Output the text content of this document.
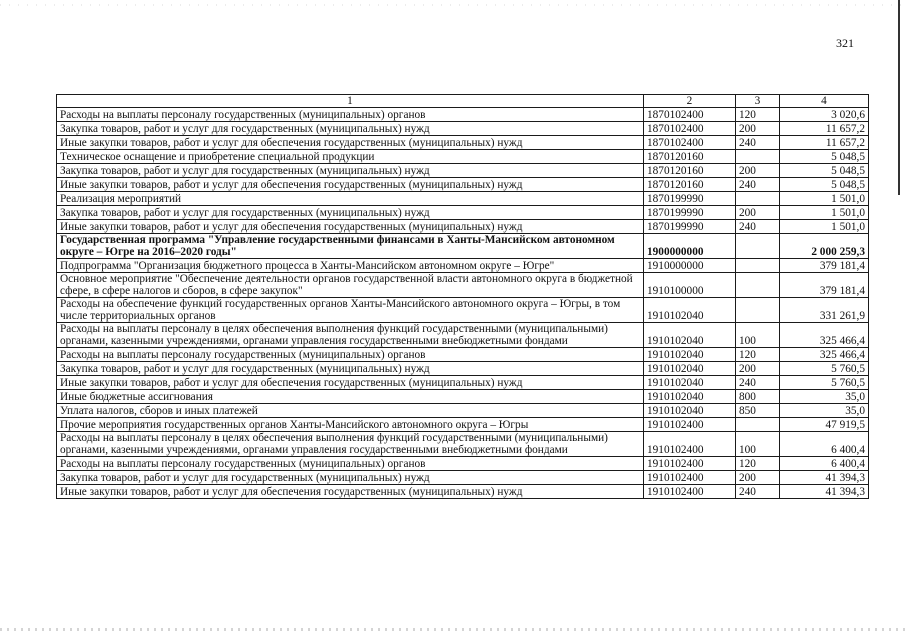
321
1	2	3	4
Расходы на выплаты персоналу государственных (муниципальных) органов	1870102400	120	3 020,6
Закупка товаров, работ и услуг для государственных (муниципальных) нужд	1870102400	200	11 657,2
Иные закупки товаров, работ и услуг для обеспечения государственных (муниципальных) нужд	1870102400	240	11 657,2
Техническое оснащение и приобретение специальной продукции	1870120160		5 048,5
Закупка товаров, работ и услуг для государственных (муниципальных) нужд	1870120160	200	5 048,5
Иные закупки товаров, работ и услуг для обеспечения государственных (муниципальных) нужд	1870120160	240	5 048,5
Реализация мероприятий	1870199990		1 501,0
Закупка товаров, работ и услуг для государственных (муниципальных) нужд	1870199990	200	1 501,0
Иные закупки товаров, работ и услуг для обеспечения государственных (муниципальных) нужд	1870199990	240	1 501,0
Государственная программа "Управление государственными финансами в Ханты-Мансийском автономном округе – Югре на 2016–2020 годы"	1900000000		2 000 259,3
Подпрограмма "Организация бюджетного процесса в Ханты-Мансийском автономном округе – Югре"	1910000000		379 181,4
Основное мероприятие "Обеспечение деятельности органов государственной власти автономного округа в бюджетной сфере, в сфере налогов и сборов, в сфере закупок"	1910100000		379 181,4
Расходы на обеспечение функций государственных органов Ханты-Мансийского автономного округа – Югры, в том числе территориальных органов	1910102040		331 261,9
Расходы на выплаты персоналу в целях обеспечения выполнения функций государственными (муниципальными) органами, казенными учреждениями, органами управления государственными внебюджетными фондами	1910102040	100	325 466,4
Расходы на выплаты персоналу государственных (муниципальных) органов	1910102040	120	325 466,4
Закупка товаров, работ и услуг для государственных (муниципальных) нужд	1910102040	200	5 760,5
Иные закупки товаров, работ и услуг для обеспечения государственных (муниципальных) нужд	1910102040	240	5 760,5
Иные бюджетные ассигнования	1910102040	800	35,0
Уплата налогов, сборов и иных платежей	1910102040	850	35,0
Прочие мероприятия государственных органов Ханты-Мансийского автономного округа – Югры	1910102400		47 919,5
Расходы на выплаты персоналу в целях обеспечения выполнения функций государственными (муниципальными) органами, казенными учреждениями, органами управления государственными внебюджетными фондами	1910102400	100	6 400,4
Расходы на выплаты персоналу государственных (муниципальных) органов	1910102400	120	6 400,4
Закупка товаров, работ и услуг для государственных (муниципальных) нужд	1910102400	200	41 394,3
Иные закупки товаров, работ и услуг для обеспечения государственных (муниципальных) нужд	1910102400	240	41 394,3
